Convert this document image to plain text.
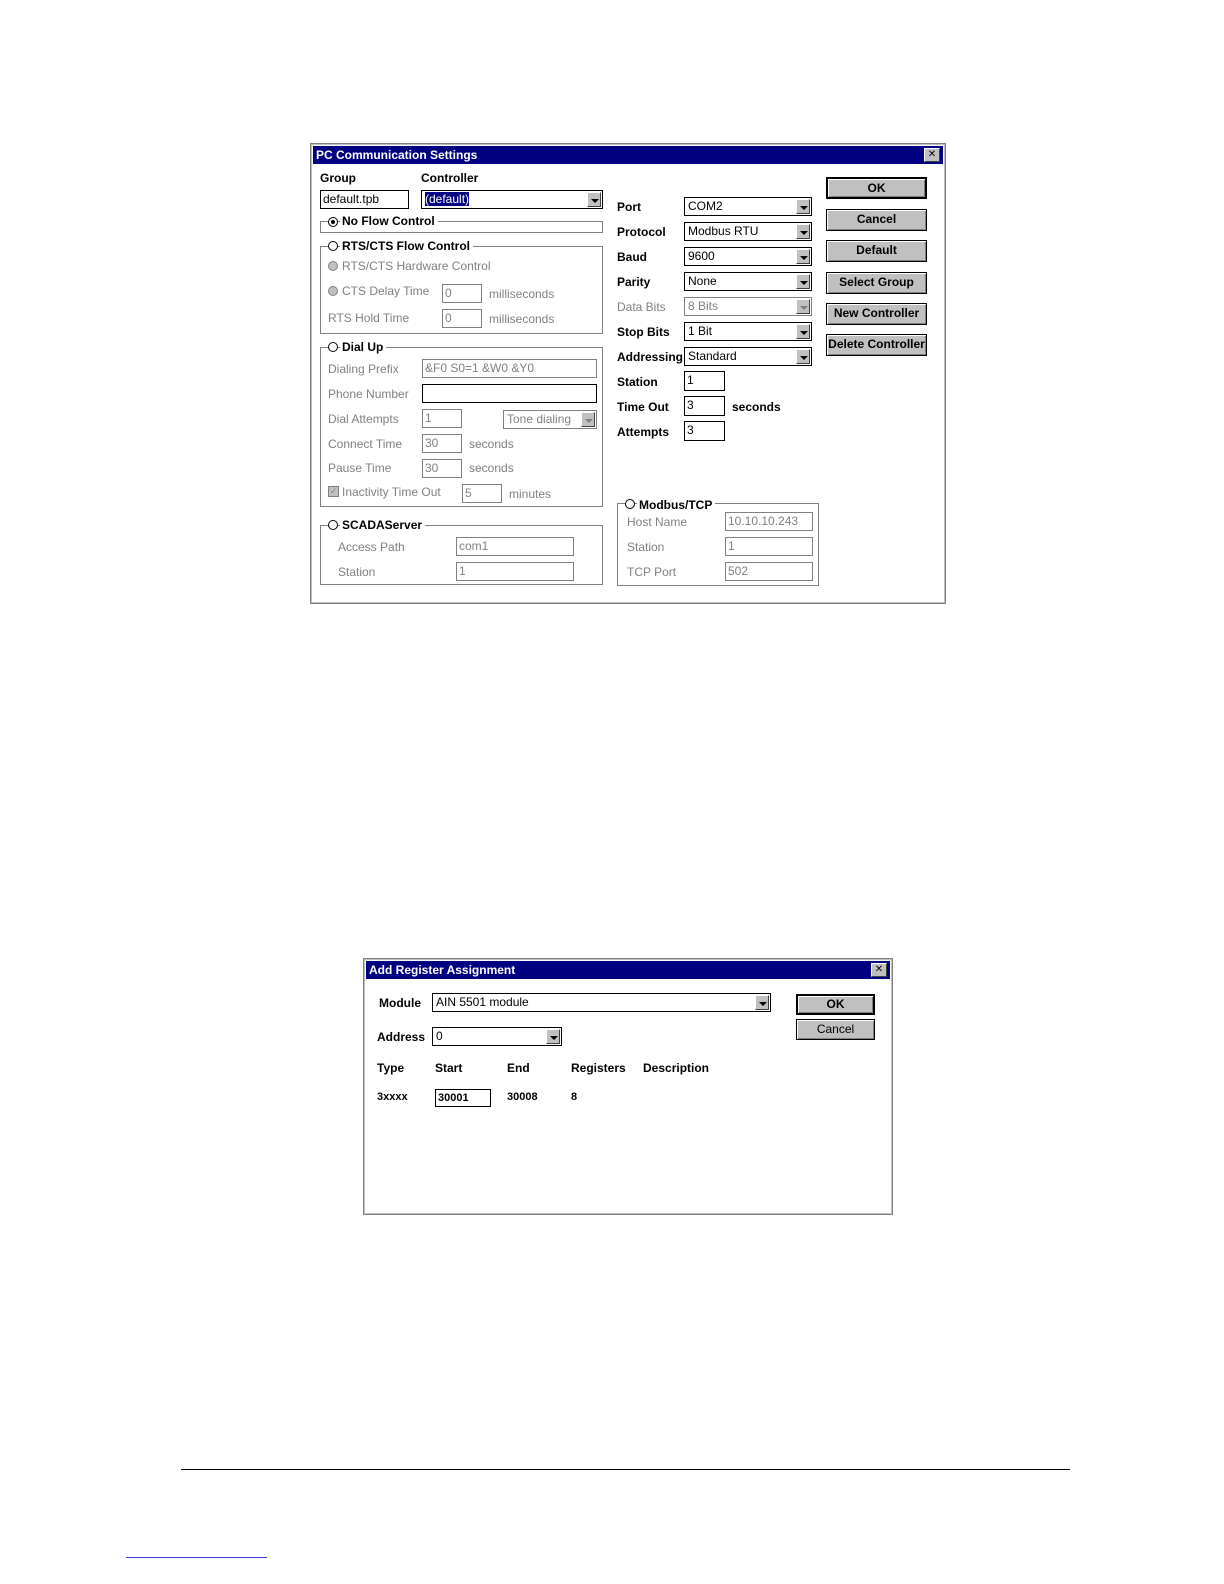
PC Communication Settings	✕
Group
default.tpb
Controller
(default)
No Flow Control
RTS/CTS Flow Control
RTS/CTS Hardware Control
CTS Delay Time 0	milliseconds
RTS Hold Time	0	milliseconds
Dial Up
Dialing Prefix &F0 S0=1 &W0 &Y0
Phone Number
Dial Attempts 1	Tone dialing
Connect Time 30	seconds
Pause Time	30	seconds
✓ Inactivity Time Out 5	minutes
SCADAServer
Access Path	com1
Station	1
Port	COM2
Protocol	Modbus RTU
Baud	9600
Parity	None
Data Bits	8 Bits
Stop Bits	1 Bit
Addressing Standard
Station 1
Time Out 3	seconds
Attempts 3
Modbus/TCP
Host Name	10.10.10.243
Station	1
TCP Port	502
OK
Cancel
Default
Select Group
New Controller
Delete Controller
Add Register Assignment	✕
Module	AIN 5501 module
Address 0
OK
Cancel
Type	Start	End	Registers Description
3xxxx	30001	30008	8
